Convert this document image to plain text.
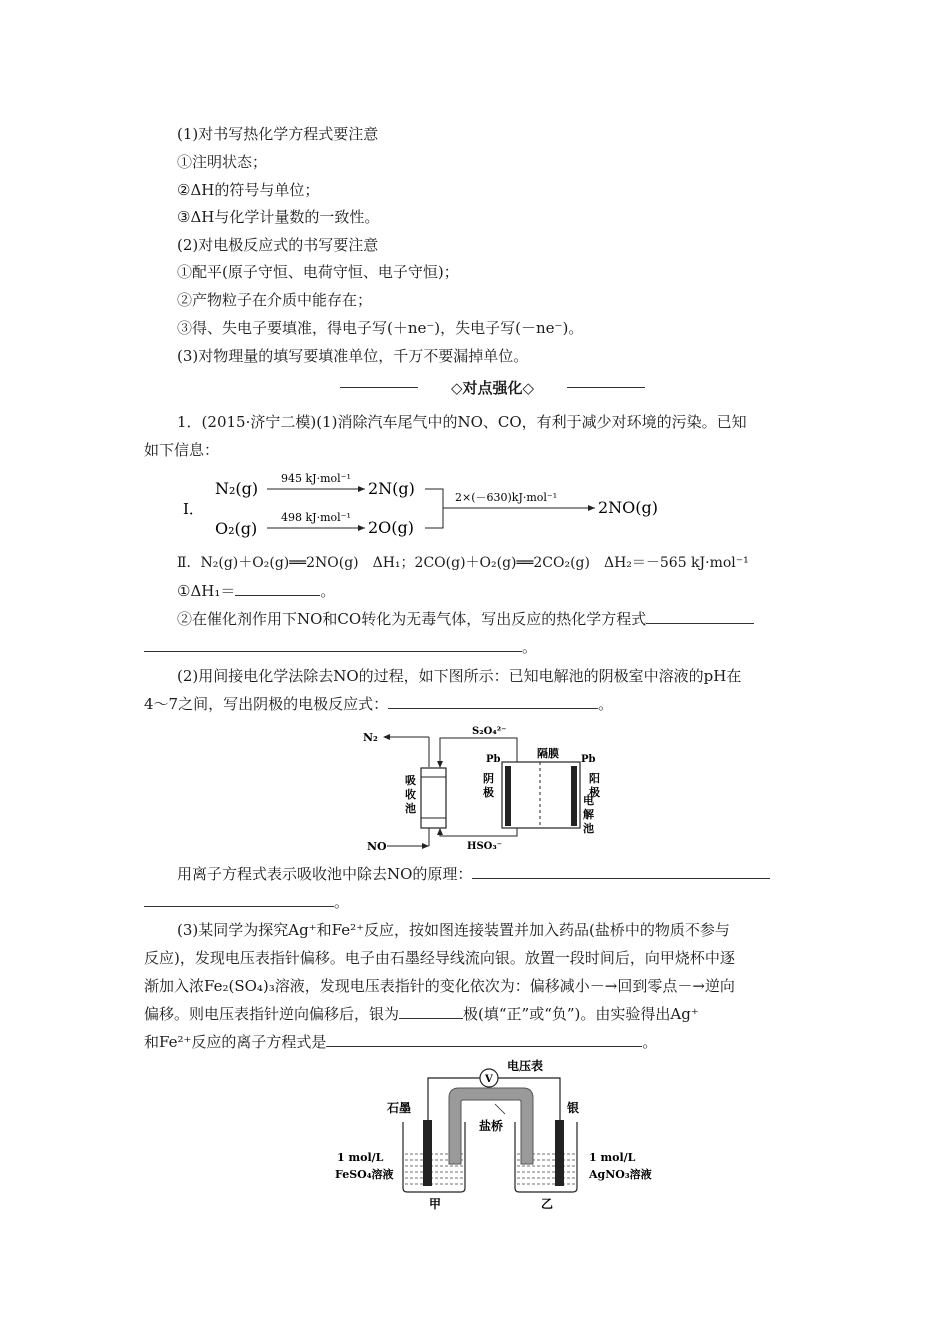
(1)对书写热化学方程式要注意
①注明状态；
②ΔH的符号与单位；
③ΔH与化学计量数的一致性。
(2)对电极反应式的书写要注意
①配平(原子守恒、电荷守恒、电子守恒)；
②产物粒子在介质中能存在；
③得、失电子要填准，得电子写(＋ne⁻)，失电子写(－ne⁻)。
(3)对物理量的填写要填准单位，千万不要漏掉单位。
◇对点强化◇
1．(2015·济宁二模)(1)消除汽车尾气中的NO、CO，有利于减少对环境的污染。已知
如下信息：
Ⅰ．
N₂(g)
O₂(g)
945 kJ·mol⁻¹
498 kJ·mol⁻¹
2N(g)
2O(g)
2×(－630)kJ·mol⁻¹
2NO(g)
Ⅱ．N₂(g)＋O₂(g)══2NO(g)　ΔH₁；2CO(g)＋O₂(g)══2CO₂(g)　ΔH₂＝－565 kJ·mol⁻¹
①ΔH₁＝	。
②在催化剂作用下NO和CO转化为无毒气体，写出反应的热化学方程式
。
(2)用间接电化学法除去NO的过程，如下图所示：已知电解池的阴极室中溶液的pH在
4～7之间，写出阴极的电极反应式：	。
N₂	S₂O₄²⁻
吸收池
NO	HSO₃⁻
隔膜
Pb	Pb
阴极
阳极
电解池
用离子方程式表示吸收池中除去NO的原理：
。
(3)某同学为探究Ag⁺和Fe²⁺反应，按如图连接装置并加入药品(盐桥中的物质不参与
反应)，发现电压表指针偏移。电子由石墨经导线流向银。放置一段时间后，向甲烧杯中逐
渐加入浓Fe₂(SO₄)₃溶液，发现电压表指针的变化依次为：偏移减小－→回到零点－→逆向
偏移。则电压表指针逆向偏移后，银为	极(填“正”或“负”)。由实验得出Ag⁺
和Fe²⁺反应的离子方程式是	。
V
电压表
石墨	银
盐桥
1 mol/L
FeSO₄溶液
1 mol/L
AgNO₃溶液
甲	乙
